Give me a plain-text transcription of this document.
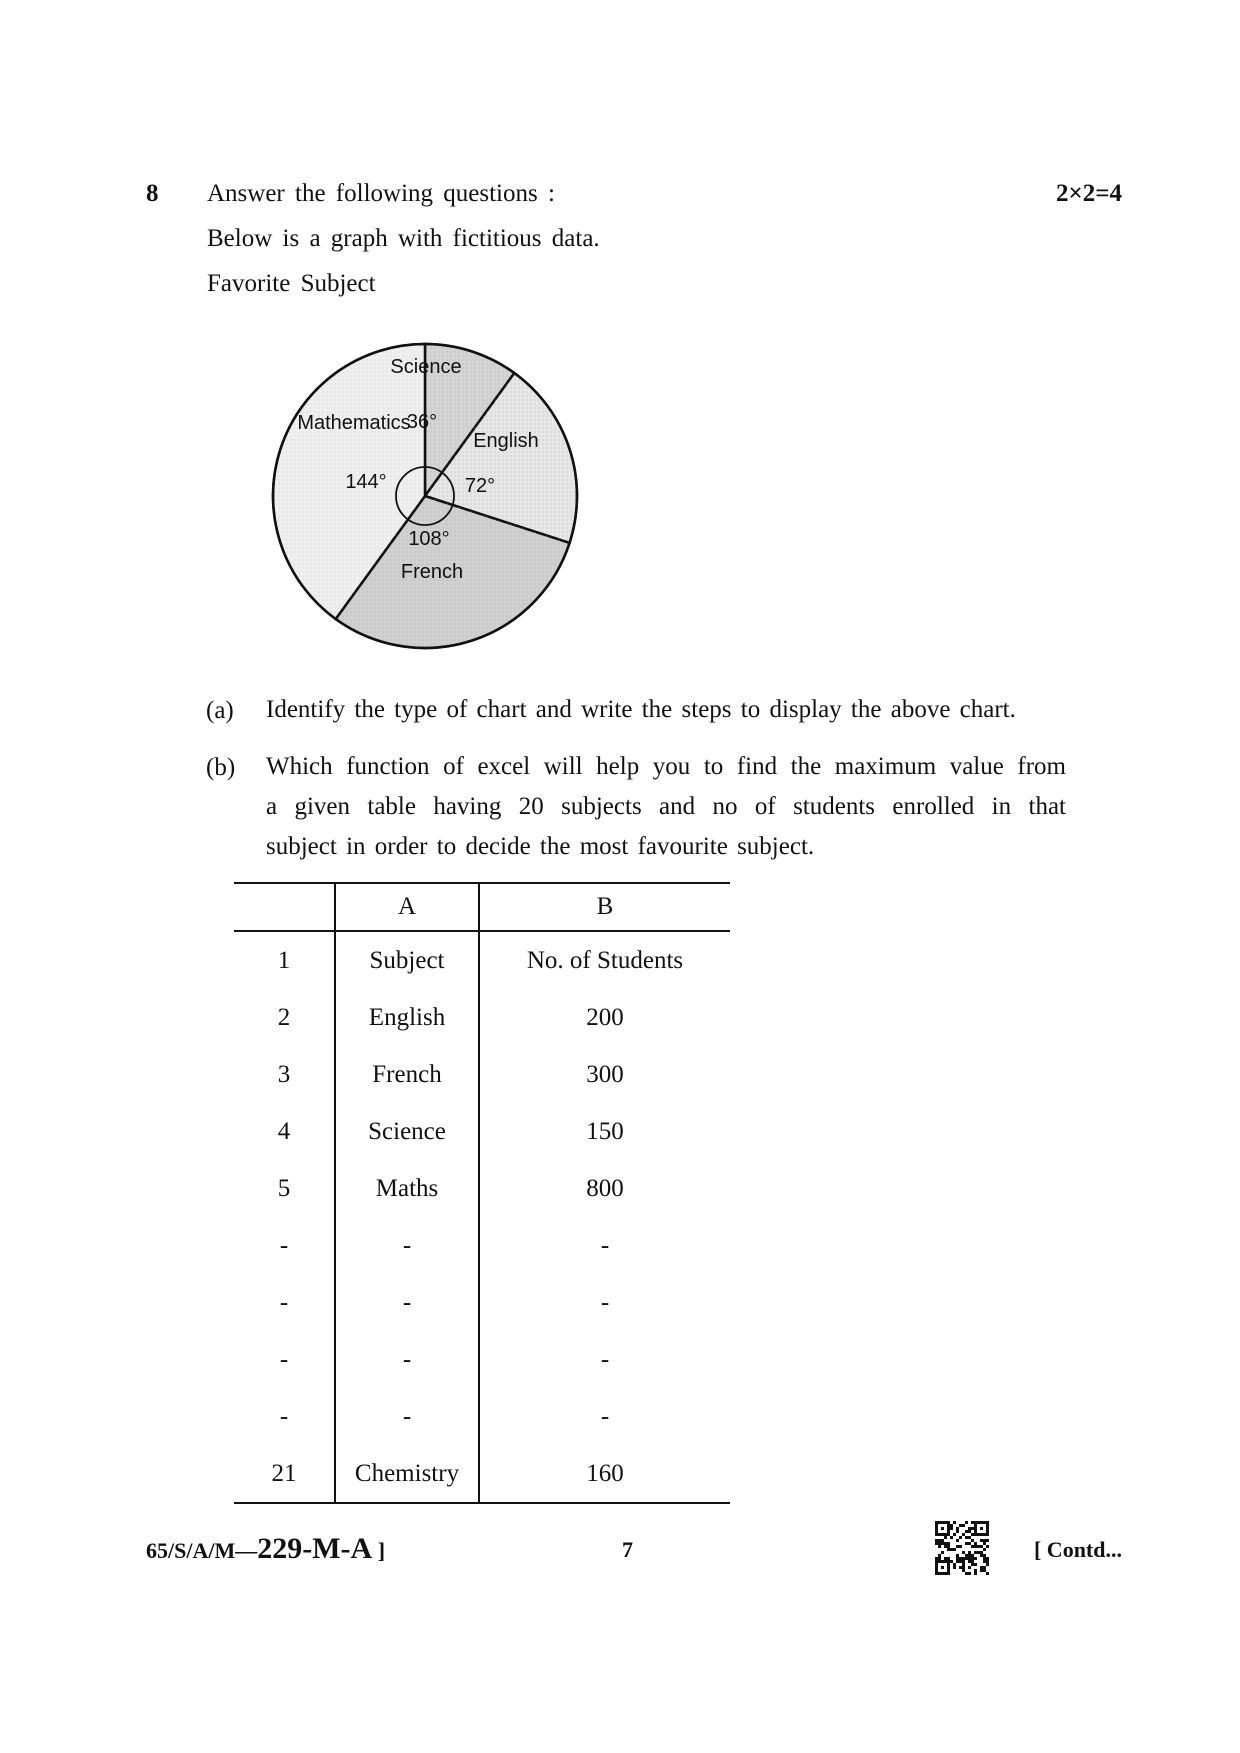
8 Answer the following questions :	2×2=4
Below is a graph with fictitious data.
Favorite Subject
Science
36°
English
72°
108°
French
Mathematics
144°
(a) Identify the type of chart and write the steps to display the above chart.
(b) Which function of excel will help you to find the maximum value from
a given table having 20 subjects and no of students enrolled in that
subject in order to decide the most favourite subject.
	A	B
1	Subject	No. of Students
2	English	200
3	French	300
4	Science	150
5	Maths	800
-	-	-
-	-	-
-	-	-
-	-	-
21	Chemistry	160
65/S/A/M—229-M-A ]	7	[ Contd...
